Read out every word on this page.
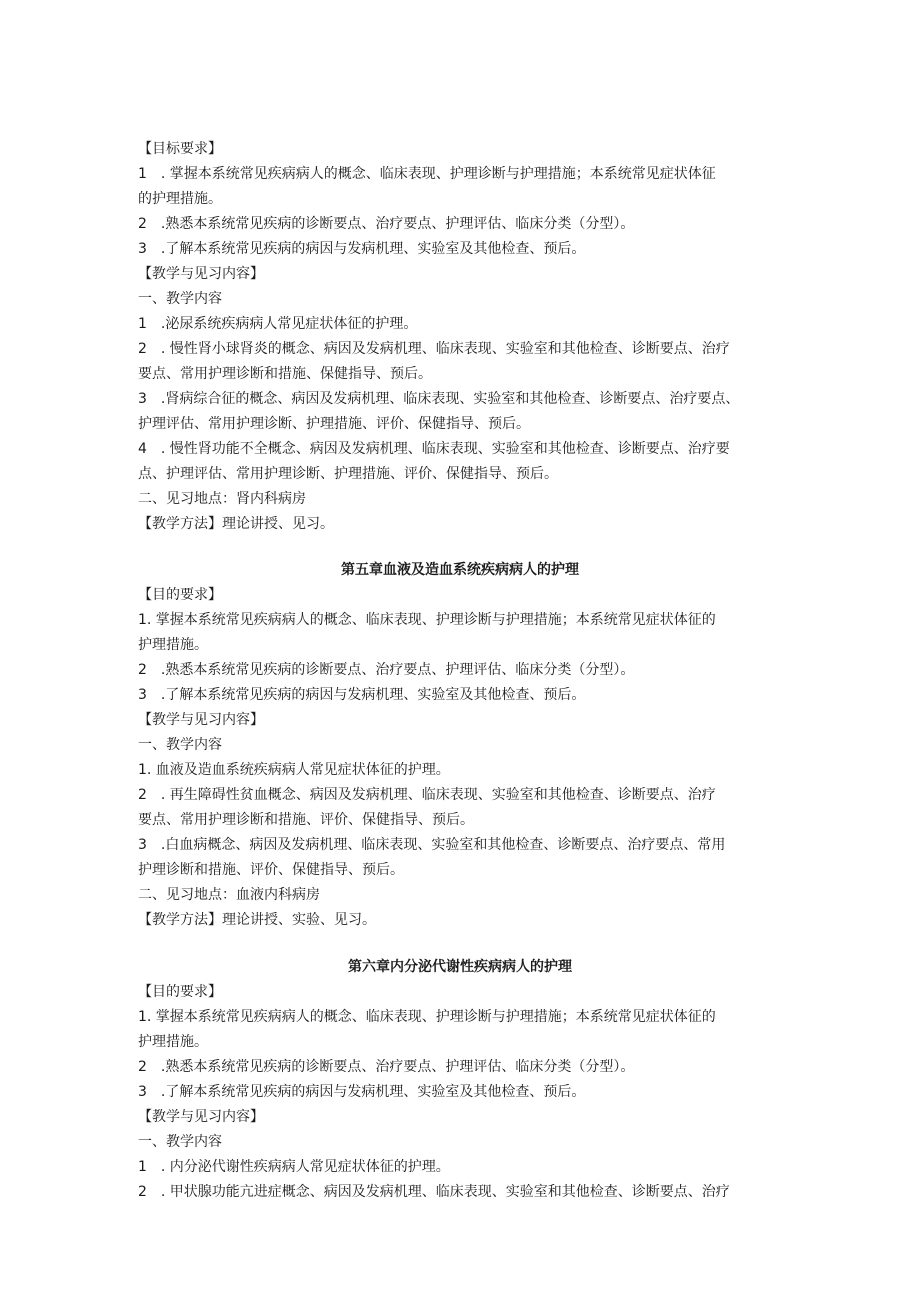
【目标要求】
1　. 掌握本系统常见疾病病人的概念、临床表现、护理诊断与护理措施；本系统常见症状体征
的护理措施。
2　.熟悉本系统常见疾病的诊断要点、治疗要点、护理评估、临床分类（分型）。
3　.了解本系统常见疾病的病因与发病机理、实验室及其他检查、预后。
【教学与见习内容】
一、教学内容
1　.泌尿系统疾病病人常见症状体征的护理。
2　. 慢性肾小球肾炎的概念、病因及发病机理、临床表现、实验室和其他检查、诊断要点、治疗
要点、常用护理诊断和措施、保健指导、预后。
3　.肾病综合征的概念、病因及发病机理、临床表现、实验室和其他检查、诊断要点、治疗要点、
护理评估、常用护理诊断、护理措施、评价、保健指导、预后。
4　. 慢性肾功能不全概念、病因及发病机理、临床表现、实验室和其他检查、诊断要点、治疗要
点、护理评估、常用护理诊断、护理措施、评价、保健指导、预后。
二、见习地点：肾内科病房
【教学方法】理论讲授、见习。
第五章血液及造血系统疾病病人的护理
【目的要求】
1. 掌握本系统常见疾病病人的概念、临床表现、护理诊断与护理措施；本系统常见症状体征的
护理措施。
2　.熟悉本系统常见疾病的诊断要点、治疗要点、护理评估、临床分类（分型）。
3　.了解本系统常见疾病的病因与发病机理、实验室及其他检查、预后。
【教学与见习内容】
一、教学内容
1. 血液及造血系统疾病病人常见症状体征的护理。
2　. 再生障碍性贫血概念、病因及发病机理、临床表现、实验室和其他检查、诊断要点、治疗
要点、常用护理诊断和措施、评价、保健指导、预后。
3　.白血病概念、病因及发病机理、临床表现、实验室和其他检查、诊断要点、治疗要点、常用
护理诊断和措施、评价、保健指导、预后。
二、见习地点：血液内科病房
【教学方法】理论讲授、实验、见习。
第六章内分泌代谢性疾病病人的护理
【目的要求】
1. 掌握本系统常见疾病病人的概念、临床表现、护理诊断与护理措施；本系统常见症状体征的
护理措施。
2　.熟悉本系统常见疾病的诊断要点、治疗要点、护理评估、临床分类（分型）。
3　.了解本系统常见疾病的病因与发病机理、实验室及其他检查、预后。
【教学与见习内容】
一、教学内容
1　. 内分泌代谢性疾病病人常见症状体征的护理。
2　. 甲状腺功能亢进症概念、病因及发病机理、临床表现、实验室和其他检查、诊断要点、治疗
